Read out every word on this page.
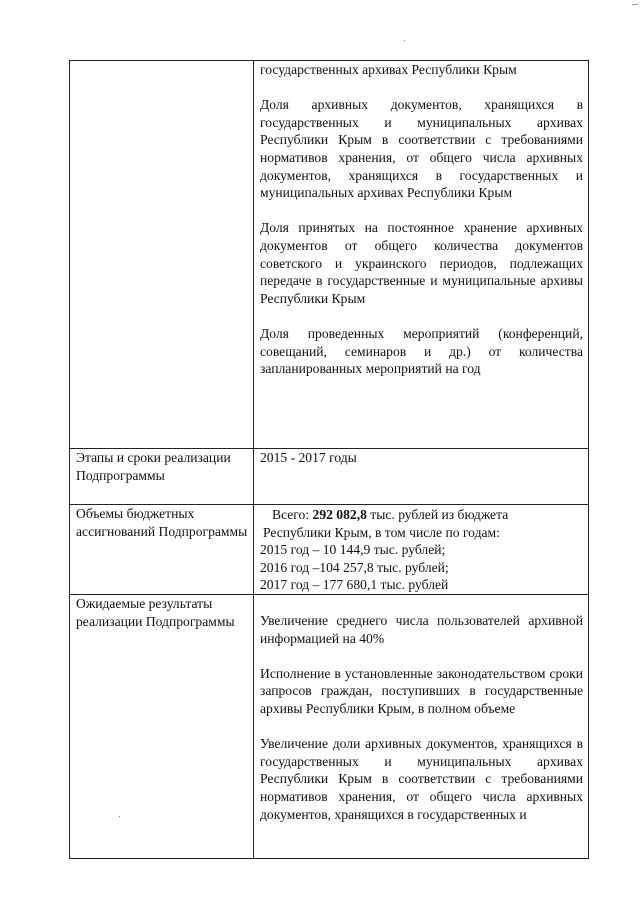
	государственных архивах Республики Крым

Доля архивных документов, хранящихся в государственных и муниципальных архивах Республики Крым в соответствии с требованиями нормативов хранения, от общего числа архивных документов, хранящихся в государственных и муниципальных архивах Республики Крым

Доля принятых на постоянное хранение архивных документов от общего количества документов советского и украинского периодов, подлежащих передаче в государственные и муниципальные архивы Республики Крым

Доля проведенных мероприятий (конференций, совещаний, семинаров и др.) от количества запланированных мероприятий на год

Этапы и сроки реализации Подпрограммы	2015 - 2017 годы
Объемы бюджетных ассигнований Подпрограммы	Всего: 292 082,8 тыс. рублей из бюджета
Республики Крым, в том числе по годам:
2015 год – 10 144,9 тыс. рублей;
2016 год –104 257,8 тыс. рублей;
2017 год – 177 680,1 тыс. рублей

Ожидаемые результаты реализации Подпрограммы	Увеличение среднего числа пользователей архивной информацией на 40%

Исполнение в установленные законодательством сроки запросов граждан, поступивших в государственные архивы Республики Крым, в полном объеме

Увеличение доли архивных документов, хранящихся в государственных и муниципальных архивах Республики Крым в соответствии с требованиями нормативов хранения, от общего числа архивных документов, хранящихся в государственных и
